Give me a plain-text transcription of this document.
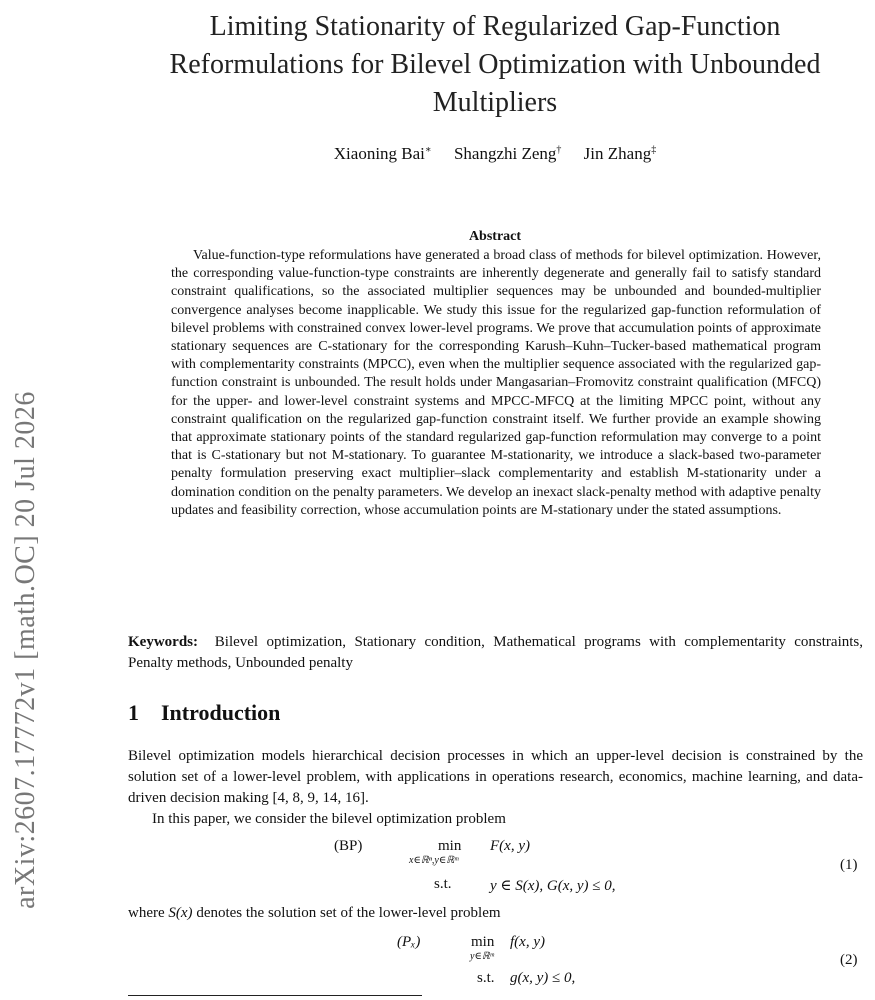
arXiv:2607.17772v1 [math.OC] 20 Jul 2026
Limiting Stationarity of Regularized Gap-Function Reformulations for Bilevel Optimization with Unbounded Multipliers
Xiaoning Bai∗ Shangzhi Zeng† Jin Zhang‡
Abstract

Value-function-type reformulations have generated a broad class of methods for bilevel optimization. However, the corresponding value-function-type constraints are inherently degenerate and generally fail to satisfy standard constraint qualifications, so the associated multiplier sequences may be unbounded and bounded-multiplier convergence analyses become inapplicable. We study this issue for the regularized gap-function reformulation of bilevel problems with constrained convex lower-level programs. We prove that accumulation points of approximate stationary sequences are C-stationary for the corresponding Karush–Kuhn–Tucker-based mathematical program with complementarity constraints (MPCC), even when the multiplier sequence associated with the regularized gap-function constraint is unbounded. The result holds under Mangasarian–Fromovitz constraint qualification (MFCQ) for the upper- and lower-level constraint systems and MPCC-MFCQ at the limiting MPCC point, without any constraint qualification on the regularized gap-function constraint itself. We further provide an example showing that approximate stationary points of the standard regularized gap-function reformulation may converge to a point that is C-stationary but not M-stationary. To guarantee M-stationarity, we introduce a slack-based two-parameter penalty formulation preserving exact multiplier–slack complementarity and establish M-stationarity under a domination condition on the penalty parameters. We develop an inexact slack-penalty method with adaptive penalty updates and feasibility correction, whose accumulation points are M-stationary under the stated assumptions.

Keywords: Bilevel optimization, Stationary condition, Mathematical programs with complementarity constraints, Penalty methods, Unbounded penalty

1 Introduction

Bilevel optimization models hierarchical decision processes in which an upper-level decision is constrained by the solution set of a lower-level problem, with applications in operations research, economics, machine learning, and data-driven decision making [4, 8, 9, 14, 16].

In this paper, we consider the bilevel optimization problem

(BP)	min
x∈ℝⁿ,y∈ℝᵐ
F(x, y)
s.t.	y ∈ S(x), G(x, y) ≤ 0,
(1)

where S(x) denotes the solution set of the lower-level problem

(Pₓ)	min
y∈ℝᵐ
f(x, y)
s.t. g(x, y) ≤ 0,
(2)
